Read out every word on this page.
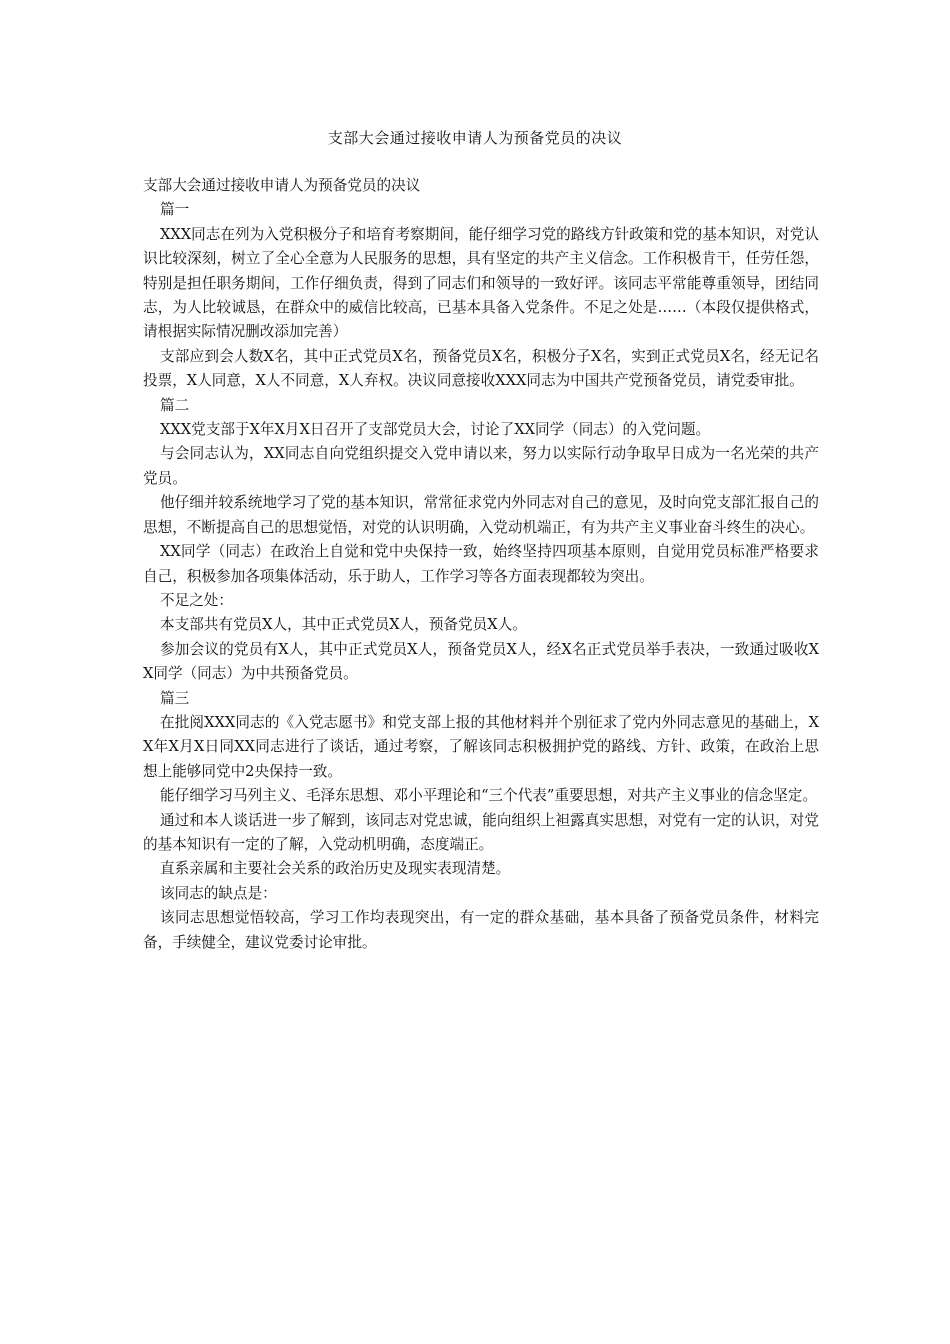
支部大会通过接收申请人为预备党员的决议

支部大会通过接收申请人为预备党员的决议

篇一

XXX同志在列为入党积极分子和培育考察期间，能仔细学习党的路线方针政策和党的基本知识，对党认识比较深刻，树立了全心全意为人民服务的思想，具有坚定的共产主义信念。工作积极肯干，任劳任怨，特别是担任职务期间，工作仔细负责，得到了同志们和领导的一致好评。该同志平常能尊重领导，团结同志，为人比较诚恳，在群众中的威信比较高，已基本具备入党条件。不足之处是……（本段仅提供格式，请根据实际情况删改添加完善）

支部应到会人数X名，其中正式党员X名，预备党员X名，积极分子X名，实到正式党员X名，经无记名投票，X人同意，X人不同意，X人弃权。决议同意接收XXX同志为中国共产党预备党员，请党委审批。

篇二

XXX党支部于X年X月X日召开了支部党员大会，讨论了XX同学（同志）的入党问题。

与会同志认为，XX同志自向党组织提交入党申请以来，努力以实际行动争取早日成为一名光荣的共产党员。

他仔细并较系统地学习了党的基本知识，常常征求党内外同志对自己的意见，及时向党支部汇报自己的思想，不断提高自己的思想觉悟，对党的认识明确，入党动机端正，有为共产主义事业奋斗终生的决心。

XX同学（同志）在政治上自觉和党中央保持一致，始终坚持四项基本原则，自觉用党员标准严格要求自己，积极参加各项集体活动，乐于助人，工作学习等各方面表现都较为突出。

不足之处：

本支部共有党员X人，其中正式党员X人，预备党员X人。

参加会议的党员有X人，其中正式党员X人，预备党员X人，经X名正式党员举手表决，一致通过吸收XX同学（同志）为中共预备党员。

篇三

在批阅XXX同志的《入党志愿书》和党支部上报的其他材料并个别征求了党内外同志意见的基础上，XX年X月X日同XX同志进行了谈话，通过考察，了解该同志积极拥护党的路线、方针、政策，在政治上思想上能够同党中2央保持一致。

能仔细学习马列主义、毛泽东思想、邓小平理论和“三个代表”重要思想，对共产主义事业的信念坚定。

通过和本人谈话进一步了解到，该同志对党忠诚，能向组织上袒露真实思想，对党有一定的认识，对党的基本知识有一定的了解，入党动机明确，态度端正。

直系亲属和主要社会关系的政治历史及现实表现清楚。

该同志的缺点是：

该同志思想觉悟较高，学习工作均表现突出，有一定的群众基础，基本具备了预备党员条件，材料完备，手续健全，建议党委讨论审批。
